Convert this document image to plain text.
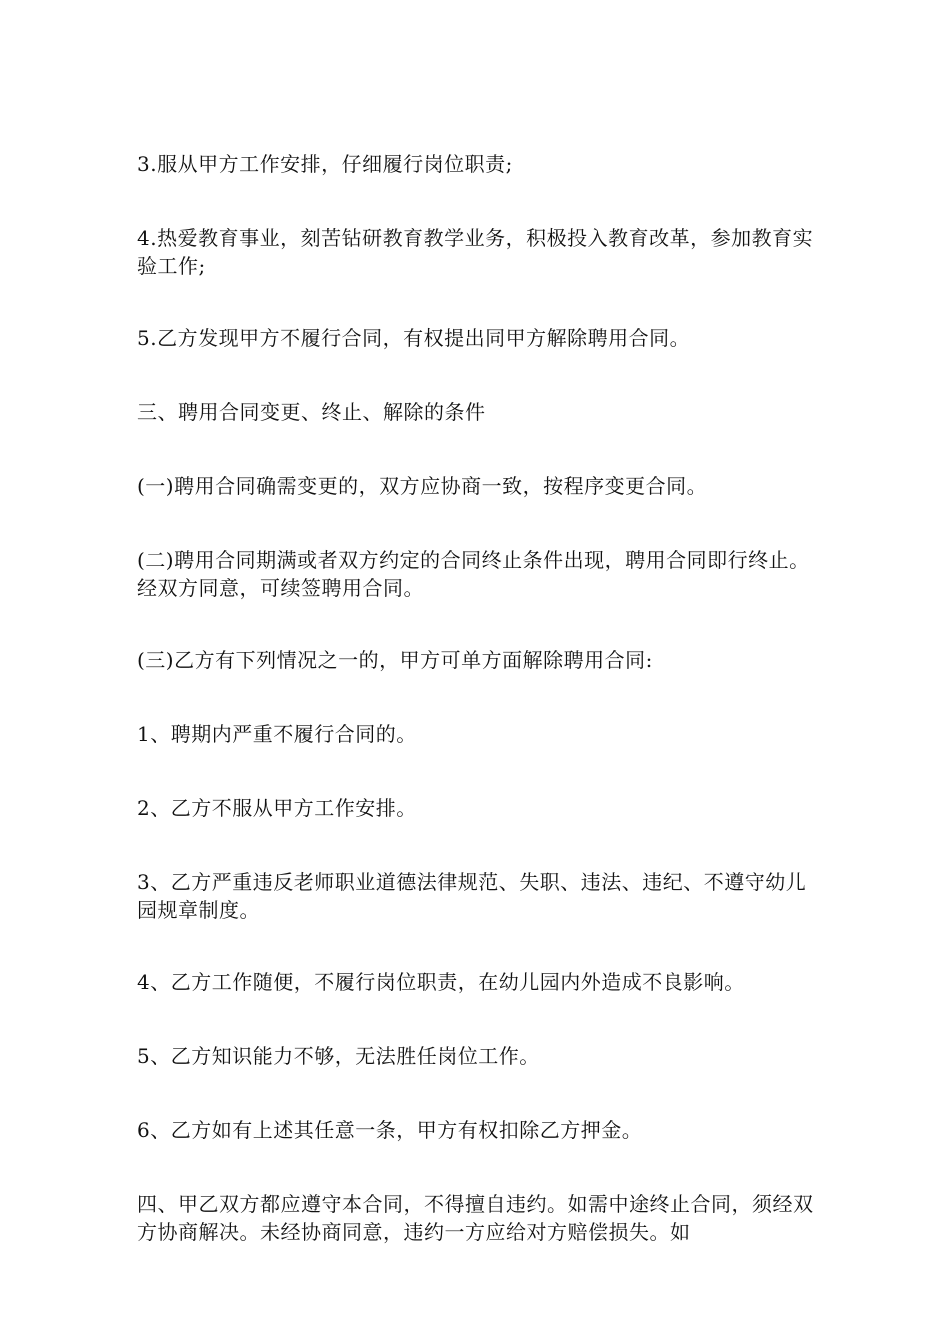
3.服从甲方工作安排，仔细履行岗位职责;

4.热爱教育事业，刻苦钻研教育教学业务，积极投入教育改革，参加教育实验工作;

5.乙方发现甲方不履行合同，有权提出同甲方解除聘用合同。

三、聘用合同变更、终止、解除的条件

(一)聘用合同确需变更的，双方应协商一致，按程序变更合同。

(二)聘用合同期满或者双方约定的合同终止条件出现，聘用合同即行终止。经双方同意，可续签聘用合同。

(三)乙方有下列情况之一的，甲方可单方面解除聘用合同:

1、聘期内严重不履行合同的。

2、乙方不服从甲方工作安排。

3、乙方严重违反老师职业道德法律规范、失职、违法、违纪、不遵守幼儿园规章制度。

4、乙方工作随便，不履行岗位职责，在幼儿园内外造成不良影响。

5、乙方知识能力不够，无法胜任岗位工作。

6、乙方如有上述其任意一条，甲方有权扣除乙方押金。

四、甲乙双方都应遵守本合同，不得擅自违约。如需中途终止合同，须经双方协商解决。未经协商同意，违约一方应给对方赔偿损失。如
